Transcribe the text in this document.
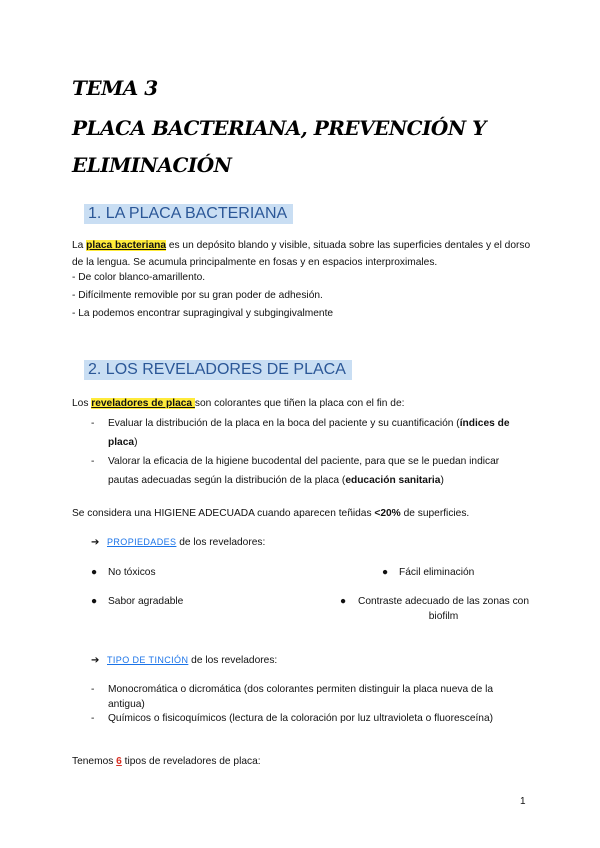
TEMA 3
PLACA BACTERIANA, PREVENCIÓN Y
ELIMINACIÓN
1. LA PLACA BACTERIANA
La placa bacteriana es un depósito blando y visible, situada sobre las superficies dentales y el dorso de la lengua. Se acumula principalmente en fosas y en espacios interproximales.
- De color blanco-amarillento.
- Difícilmente removible por su gran poder de adhesión.
- La podemos encontrar supragingival y subgingivalmente
2. LOS REVELADORES DE PLACA
Los reveladores de placa son colorantes que tiñen la placa con el fin de:
- Evaluar la distribución de la placa en la boca del paciente y su cuantificación (índices de placa)
- Valorar la eficacia de la higiene bucodental del paciente, para que se le puedan indicar pautas adecuadas según la distribución de la placa (educación sanitaria)
Se considera una HIGIENE ADECUADA cuando aparecen teñidas <20% de superficies.
➔ PROPIEDADES de los reveladores:
● No tóxicos	● Fácil eliminación
● Sabor agradable	● Contraste adecuado de las zonas con biofilm
➔ TIPO DE TINCIÓN de los reveladores:
- Monocromática o dicromática (dos colorantes permiten distinguir la placa nueva de la antigua)
- Químicos o fisicoquímicos (lectura de la coloración por luz ultravioleta o fluoresceína)
Tenemos 6 tipos de reveladores de placa:
1
